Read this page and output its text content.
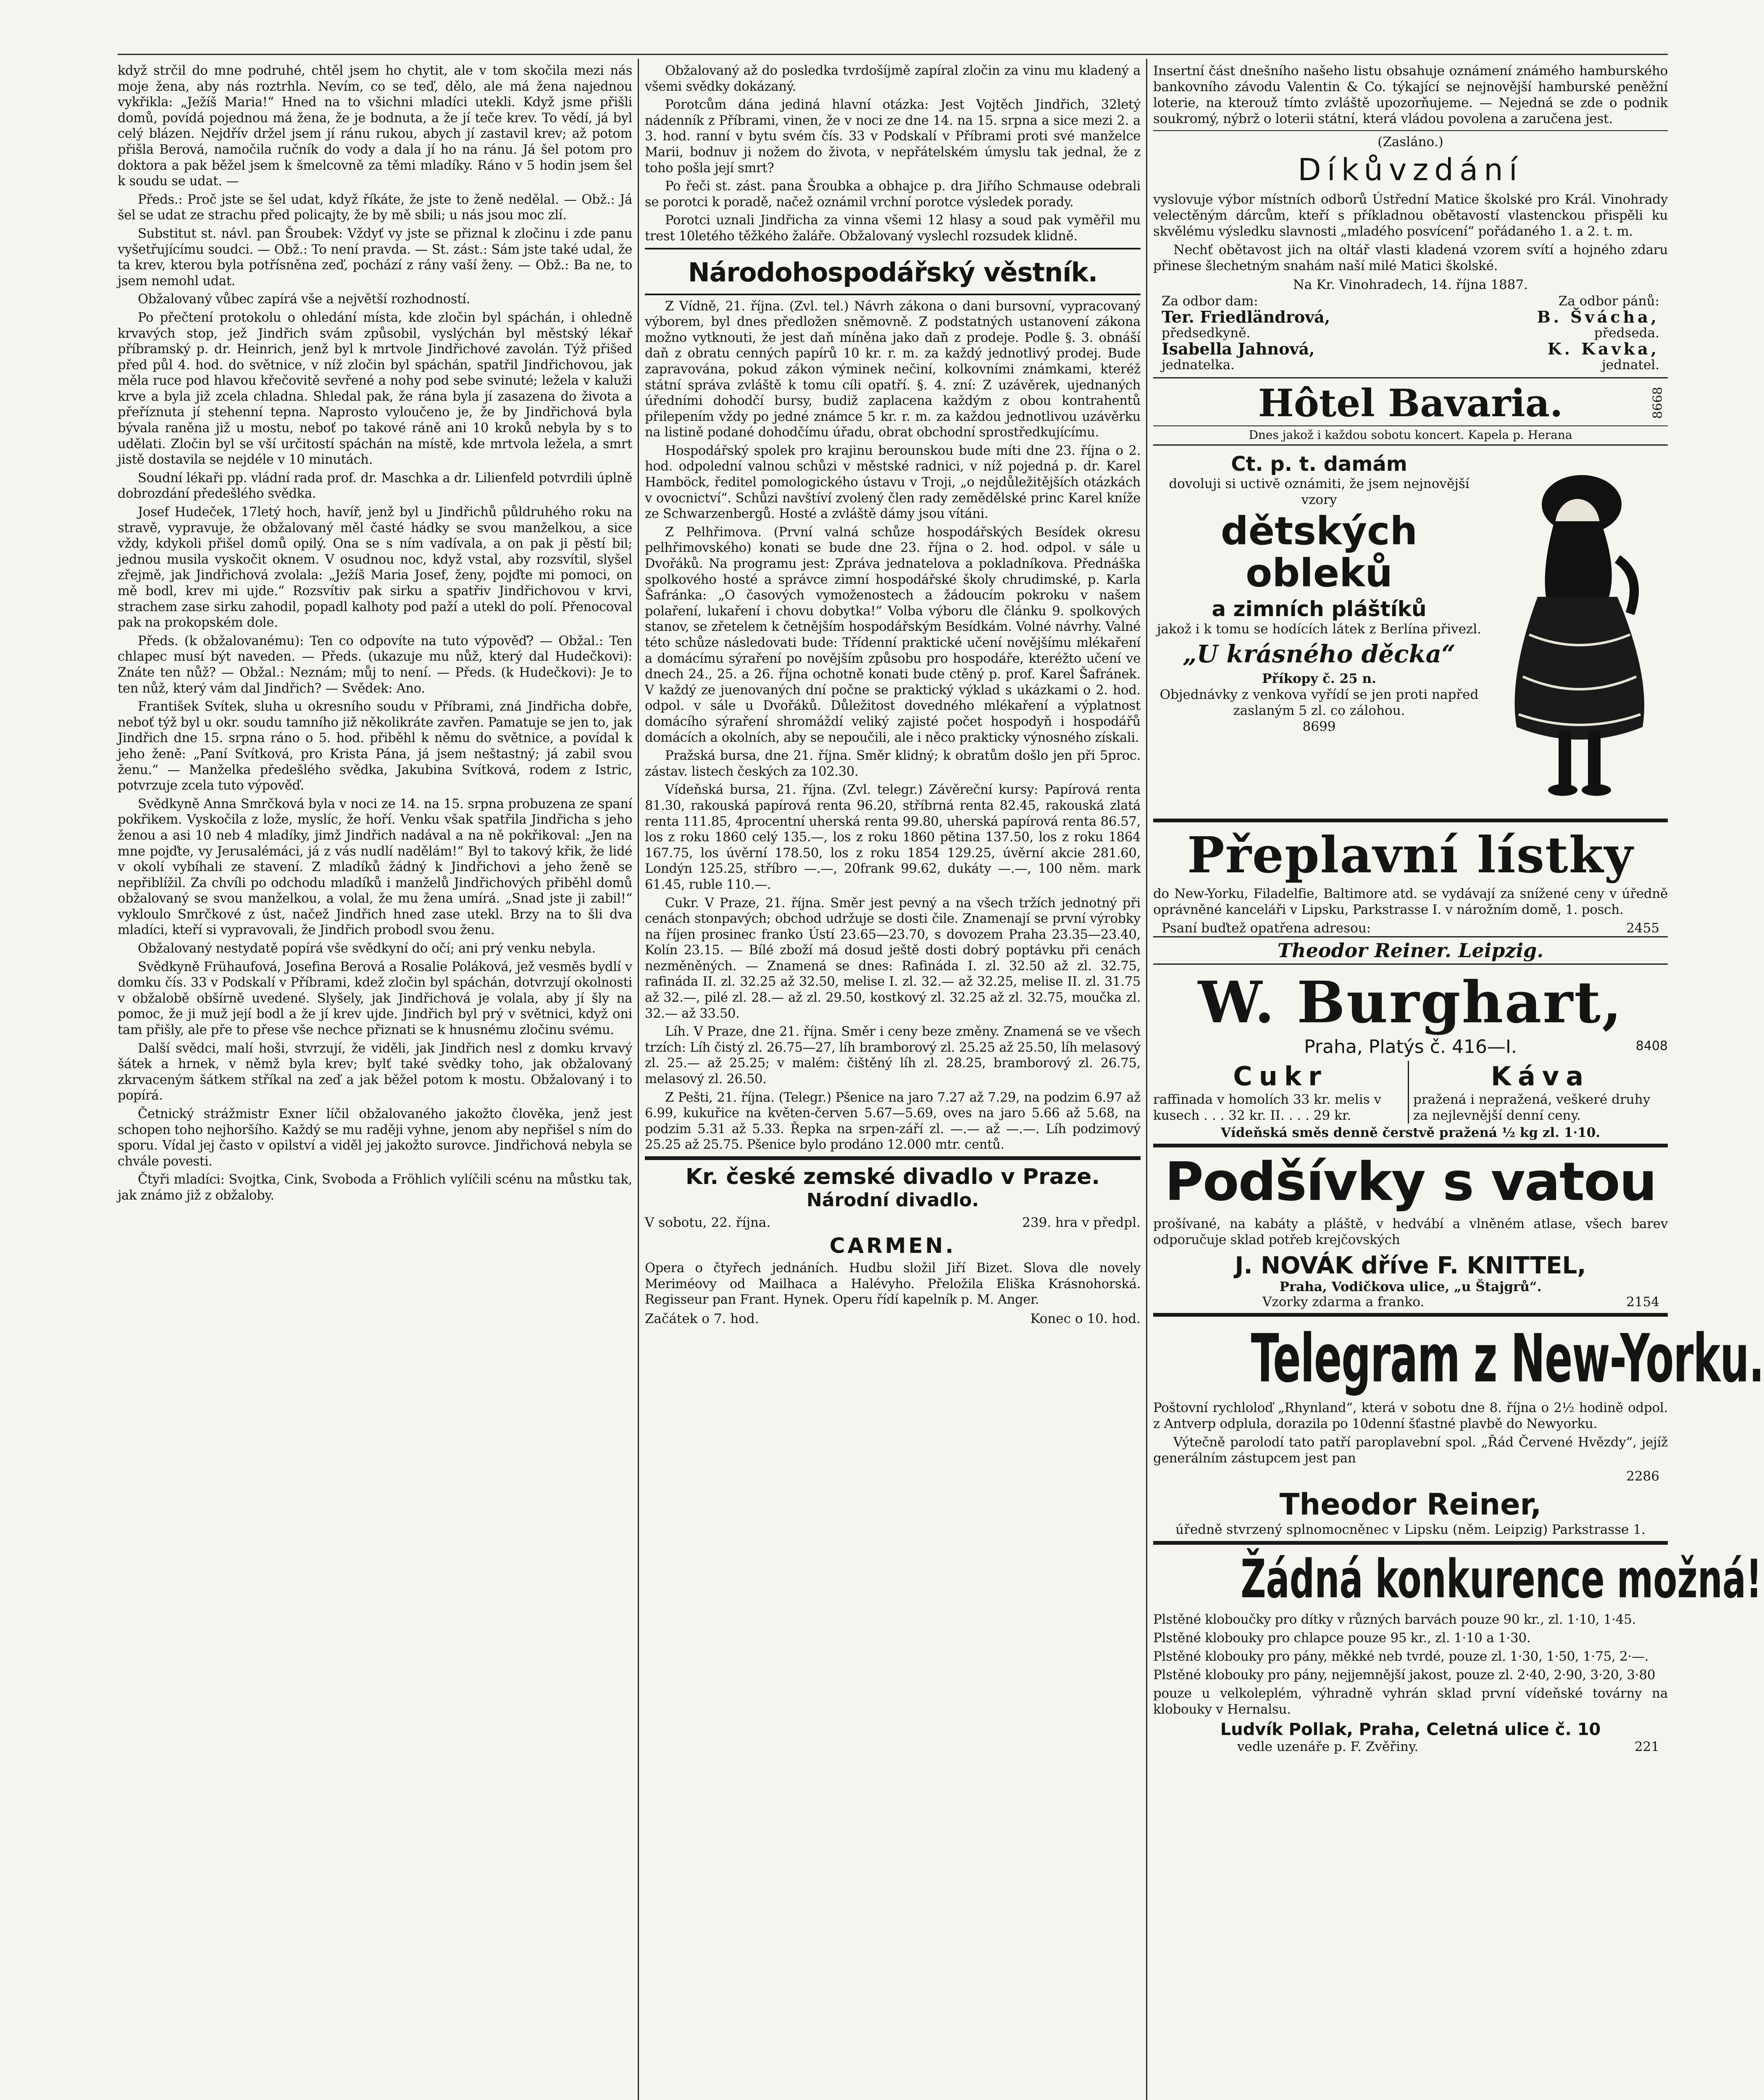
když strčil do mne podruhé, chtěl jsem ho chytit, ale v tom skočila mezi nás moje žena, aby nás roztrhla. Nevím, co se teď, dělo, ale má žena najednou vykřikla: „Ježíš Maria!“ Hned na to všichni mladíci utekli. Když jsme přišli domů, povídá pojednou má žena, že je bodnuta, a že jí teče krev. To vědí, já byl celý blázen. Nejdřív držel jsem jí ránu rukou, abych jí zastavil krev; až potom přišla Berová, namočila ručník do vody a dala jí ho na ránu. Já šel potom pro doktora a pak běžel jsem k šmelcovně za těmi mladíky. Ráno v 5 hodin jsem šel k soudu se udat. —

Předs.: Proč jste se šel udat, když říkáte, že jste to ženě nedělal. — Obž.: Já šel se udat ze strachu před policajty, že by mě sbili; u nás jsou moc zlí.

Substitut st. návl. pan Šroubek: Vždyť vy jste se přiznal k zločinu i zde panu vyšetřujícímu soudci. — Obž.: To není pravda. — St. zást.: Sám jste také udal, že ta krev, kterou byla potřísněna zeď, pochází z rány vaší ženy. — Obž.: Ba ne, to jsem nemohl udat.

Obžalovaný vůbec zapírá vše a největší rozhodností.

Po přečtení protokolu o ohledání místa, kde zločin byl spáchán, i ohledně krvavých stop, jež Jindřich svám způsobil, vyslýchán byl městský lékař příbramský p. dr. Heinrich, jenž byl k mrtvole Jindřichové zavolán. Týž přišed před půl 4. hod. do světnice, v níž zločin byl spáchán, spatřil Jindřichovou, jak měla ruce pod hlavou křečovitě sevřené a nohy pod sebe svinuté; ležela v kaluži krve a byla již zcela chladna. Shledal pak, že rána byla jí zasazena do života a přeříznuta jí stehenní tepna. Naprosto vyloučeno je, že by Jindřichová byla bývala raněna již u mostu, neboť po takové ráně ani 10 kroků nebyla by s to udělati. Zločin byl se vší určitostí spáchán na místě, kde mrtvola ležela, a smrt jistě dostavila se nejdéle v 10 minutách.

Soudní lékaři pp. vládní rada prof. dr. Maschka a dr. Lilienfeld potvrdili úplně dobrozdání předešlého svědka.

Josef Hudeček, 17letý hoch, havíř, jenž byl u Jindřichů půldruhého roku na stravě, vypravuje, že obžalovaný měl časté hádky se svou manželkou, a sice vždy, kdykoli přišel domů opilý. Ona se s ním vadívala, a on pak ji pěstí bil; jednou musila vyskočit oknem. V osudnou noc, když vstal, aby rozsvítil, slyšel zřejmě, jak Jindřichová zvolala: „Ježíš Maria Josef, ženy, pojďte mi pomoci, on mě bodl, krev mi ujde.“ Rozsvítiv pak sirku a spatřiv Jindřichovou v krvi, strachem zase sirku zahodil, popadl kalhoty pod paží a utekl do polí. Přenocoval pak na prokopském dole.

Předs. (k obžalovanému): Ten co odpovíte na tuto výpověď? — Obžal.: Ten chlapec musí být naveden. — Předs. (ukazuje mu nůž, který dal Hudečkovi): Znáte ten nůž? — Obžal.: Neznám; můj to není. — Předs. (k Hudečkovi): Je to ten nůž, který vám dal Jindřich? — Svědek: Ano.

František Svítek, sluha u okresního soudu v Příbrami, zná Jindřicha dobře, neboť týž byl u okr. soudu tamního již několikráte zavřen. Pamatuje se jen to, jak Jindřich dne 15. srpna ráno o 5. hod. přiběhl k němu do světnice, a povídal k jeho ženě: „Paní Svítková, pro Krista Pána, já jsem neštastný; já zabil svou ženu.“ — Manželka předešlého svědka, Jakubina Svítková, rodem z Istric, potvrzuje zcela tuto výpověď.

Svědkyně Anna Smrčková byla v noci ze 14. na 15. srpna probuzena ze spaní pokřikem. Vyskočila z lože, myslíc, že hoří. Venku však spatřila Jindřicha s jeho ženou a asi 10 neb 4 mladíky, jimž Jindřich nadával a na ně pokřikoval: „Jen na mne pojďte, vy Jerusalémáci, já z vás nudlí nadělám!“ Byl to takový křik, že lidé v okolí vybíhali ze stavení. Z mladíků žádný k Jindřichovi a jeho ženě se nepřiblížil. Za chvíli po odchodu mladíků i manželů Jindřichových přiběhl domů obžalovaný se svou manželkou, a volal, že mu žena umírá. „Snad jste ji zabil!“ vykloulo Smrčkové z úst, načež Jindřich hned zase utekl. Brzy na to šli dva mladíci, kteří si vypravovali, že Jindřich probodl svou ženu.

Obžalovaný nestydatě popírá vše svědkyní do očí; ani prý venku nebyla.

Svědkyně Frühaufová, Josefina Berová a Rosalie Poláková, jež vesměs bydlí v domku čís. 33 v Podskalí v Příbrami, kdež zločin byl spáchán, dotvrzují okolnosti v obžalobě obšírně uvedené. Slyšely, jak Jindřichová je volala, aby jí šly na pomoc, že ji muž její bodl a že jí krev ujde. Jindřich byl prý v světnici, když oni tam přišly, ale pře to přese vše nechce přiznati se k hnusnému zločinu svému.

Další svědci, malí hoši, stvrzují, že viděli, jak Jindřich nesl z domku krvavý šátek a hrnek, v němž byla krev; bylť také svědky toho, jak obžalovaný zkrvaceným šátkem stříkal na zeď a jak běžel potom k mostu. Obžalovaný i to popírá.

Četnický strážmistr Exner líčil obžalovaného jakožto člověka, jenž jest schopen toho nejhoršího. Každý se mu raději vyhne, jenom aby nepřišel s ním do sporu. Vídal jej často v opilství a viděl jej jakožto surovce. Jindřichová nebyla se chvále povesti.

Čtyři mladíci: Svojtka, Cink, Svoboda a Fröhlich vylíčili scénu na můstku tak, jak známo již z obžaloby.

Obžalovaný až do posledka tvrdošíjmě zapíral zločin za vinu mu kladený a všemi svědky dokázaný.

Porotcům dána jediná hlavní otázka: Jest Vojtěch Jindřich, 32letý nádenník z Příbrami, vinen, že v noci ze dne 14. na 15. srpna a sice mezi 2. a 3. hod. ranní v bytu svém čís. 33 v Podskalí v Příbrami proti své manželce Marii, bodnuv ji nožem do života, v nepřátelském úmyslu tak jednal, že z toho pošla její smrt?

Po řeči st. zást. pana Šroubka a obhajce p. dra Jiřího Schmause odebrali se porotci k poradě, načež oznámil vrchní porotce výsledek porady.

Porotci uznali Jindřicha za vinna všemi 12 hlasy a soud pak vyměřil mu trest 10letého těžkého žaláře. Obžalovaný vyslechl rozsudek klidně.

Národohospodářský věstník.

Z Vídně, 21. října. (Zvl. tel.) Návrh zákona o dani bursovní, vypracovaný výborem, byl dnes předložen sněmovně. Z podstatných ustanovení zákona možno vytknouti, že jest daň míněna jako daň z prodeje. Podle §. 3. obnáší daň z obratu cenných papírů 10 kr. r. m. za každý jednotlivý prodej. Bude zapravována, pokud zákon výminek nečiní, kolkovními známkami, kteréž státní správa zvláště k tomu cíli opatří. §. 4. zní: Z uzávěrek, ujednaných úředními dohodčí bursy, budiž zaplacena každým z obou kontrahentů přilepením vždy po jedné známce 5 kr. r. m. za každou jednotlivou uzávěrku na listině podané dohodčímu úřadu, obrat obchodní sprostředkujícímu.

Hospodářský spolek pro krajinu berounskou bude míti dne 23. října o 2. hod. odpolední valnou schůzi v městské radnici, v níž pojedná p. dr. Karel Hamböck, ředitel pomologického ústavu v Troji, „o nejdůležitějších otázkách v ovocnictví“. Schůzi navštíví zvolený člen rady zemědělské princ Karel kníže ze Schwarzenbergů. Hosté a zvláště dámy jsou vítáni.

Z Pelhřimova. (První valná schůze hospodářských Besídek okresu pelhřimovského) konati se bude dne 23. října o 2. hod. odpol. v sále u Dvořáků. Na programu jest: Zpráva jednatelova a pokladníkova. Přednáška spolkového hosté a správce zimní hospodářské školy chrudimské, p. Karla Šafránka: „O časových vymoženostech a žádoucím pokroku v našem polaření, lukaření i chovu dobytka!“ Volba výboru dle článku 9. spolkových stanov, se zřetelem k četnějším hospodářským Besídkám. Volné návrhy. Valné této schůze následovati bude: Třídenní praktické učení novějšímu mlékaření a domácímu sýraření po novějším způsobu pro hospodáře, kteréžto učení ve dnech 24., 25. a 26. října ochotně konati bude ctěný p. prof. Karel Šafránek. V každý ze juenovaných dní počne se praktický výklad s ukázkami o 2. hod. odpol. v sále u Dvořáků. Důležitost dovedného mlékaření a výplatnost domácího sýraření shromáždí veliký zajisté počet hospodyň i hospodářů domácích a okolních, aby se nepoučili, ale i něco prakticky výnosného získali.

Pražská bursa, dne 21. října. Směr klidný; k obratům došlo jen při 5proc. zástav. listech českých za 102.30.

Vídeňská bursa, 21. října. (Zvl. telegr.) Závěreční kursy: Papírová renta 81.30, rakouská papírová renta 96.20, stříbrná renta 82.45, rakouská zlatá renta 111.85, 4procentní uherská renta 99.80, uherská papírová renta 86.57, los z roku 1860 celý 135.—, los z roku 1860 pětina 137.50, los z roku 1864 167.75, los úvěrní 178.50, los z roku 1854 129.25, úvěrní akcie 281.60, Londýn 125.25, stříbro —.—, 20frank 99.62, dukáty —.—, 100 něm. mark 61.45, ruble 110.—.

Cukr. V Praze, 21. října. Směr jest pevný a na všech tržích jednotný při cenách stonpavých; obchod udržuje se dosti čile. Znamenají se první výrobky na říjen prosinec franko Ústí 23.65—23.70, s dovozem Praha 23.35—23.40, Kolín 23.15. — Bílé zboží má dosud ještě dosti dobrý poptávku při cenách nezměněných. — Znamená se dnes: Rafináda I. zl. 32.50 až zl. 32.75, rafináda II. zl. 32.25 až 32.50, melise I. zl. 32.— až 32.25, melise II. zl. 31.75 až 32.—, pilé zl. 28.— až zl. 29.50, kostkový zl. 32.25 až zl. 32.75, moučka zl. 32.— až 33.50.

Líh. V Praze, dne 21. října. Směr i ceny beze změny. Znamená se ve všech trzích: Líh čistý zl. 26.75—27, líh bramborový zl. 25.25 až 25.50, líh melasový zl. 25.— až 25.25; v malém: čištěný líh zl. 28.25, bramborový zl. 26.75, melasový zl. 26.50.

Z Pešti, 21. října. (Telegr.) Pšenice na jaro 7.27 až 7.29, na podzim 6.97 až 6.99, kukuřice na květen-červen 5.67—5.69, oves na jaro 5.66 až 5.68, na podzim 5.31 až 5.33. Řepka na srpen-září zl. —.— až —.—. Líh podzimový 25.25 až 25.75. Pšenice bylo prodáno 12.000 mtr. centů.

Kr. české zemské divadlo v Praze.
Národní divadlo.
V sobotu, 22. října.	239. hra v předpl.
CARMEN.

Opera o čtyřech jednáních. Hudbu složil Jiří Bizet. Slova dle novely Meriméovy od Mailhaca a Halévyho. Přeložila Eliška Krásnohorská. Regisseur pan Frant. Hynek. Operu řídí kapelník p. M. Anger.

Začátek o 7. hod.	Konec o 10. hod.

Insertní část dnešního našeho listu obsahuje oznámení známého hamburského bankovního závodu Valentin & Co. týkající se nejnovější hamburské peněžní loterie, na kterouž tímto zvláště upozorňujeme. — Nejedná se zde o podnik soukromý, nýbrž o loterii státní, která vládou povolena a zaručena jest.

(Zasláno.)
Díkůvzdání

vyslovuje výbor místních odborů Ústřední Matice školské pro Král. Vinohrady velectěným dárcům, kteří s příkladnou obětavostí vlastenckou přispěli ku skvělému výsledku slavnosti „mladého posvícení“ pořádaného 1. a 2. t. m.

Nechť obětavost jich na oltář vlasti kladená vzorem svítí a hojného zdaru přinese šlechetným snahám naší milé Matici školské.

Na Kr. Vinohradech, 14. října 1887.
Za odbor dam:	Za odbor pánů:
Ter. Friedländrová,	B. Švácha,
předsedkyně.	předseda.
Isabella Jahnová,	K. Kavka,
jednatelka.	jednatel.
Hôtel Bavaria.	8668
Dnes jakož i každou sobotu koncert. Kapela p. Herana
Ct. p. t. damám
dovoluji si uctivě oznámiti, že jsem nejnovější vzory
dětských obleků
a zimních pláštíků
jakož i k tomu se hodících látek z Berlína přivezl.
„U krásného děcka“
Příkopy č. 25 n.
Objednávky z venkova vyřídí se jen proti napřed zaslaným 5 zl. co zálohou.
8699
Přeplavní lístky

do New-Yorku, Filadelfie, Baltimore atd. se vydávají za snížené ceny v úředně oprávněné kanceláři v Lipsku, Parkstrasse I. v nárožním domě, 1. posch.

Psaní buďtež opatřena adresou:	2455
Theodor Reiner. Leipzig.
W. Burghart,
Praha, Platýs č. 416—I.	8408
Cukr
raffinada v homolích 33 kr. melis v kusech . . . 32 kr. II. . . . 29 kr.
Káva
pražená i nepražená, veškeré druhy za nejlevnější denní ceny.
Vídeňská směs denně čerstvě pražená ½ kg zl. 1·10.
Podšívky s vatou

prošívané, na kabáty a pláště, v hedvábí a vlněném atlase, všech barev odporučuje sklad potřeb krejčovských

J. NOVÁK dříve F. KNITTEL,
Praha, Vodičkova ulice, „u Štajgrů“.
Vzorky zdarma a franko.	2154
Telegram z New-Yorku.

Poštovní rychloloď „Rhynland“, která v sobotu dne 8. října o 2½ hodině odpol. z Antverp odplula, dorazila po 10denní šťastné plavbě do Newyorku.

Výtečně parolodí tato patří paroplavební spol. „Řád Červené Hvězdy“, jejíž generálním zástupcem jest pan

2286
Theodor Reiner,
úředně stvrzený splnomocněnec v Lipsku (něm. Leipzig) Parkstrasse 1.
Žádná konkurence možná!

Plstěné kloboučky pro dítky v různých barvách pouze 90 kr., zl. 1·10, 1·45.

Plstěné klobouky pro chlapce pouze 95 kr., zl. 1·10 a 1·30.

Plstěné klobouky pro pány, měkké neb tvrdé, pouze zl. 1·30, 1·50, 1·75, 2·—.

Plstěné klobouky pro pány, nejjemnější jakost, pouze zl. 2·40, 2·90, 3·20, 3·80

pouze u velkoleplém, výhradně vyhrán sklad první vídeňské továrny na klobouky v Hernalsu.

Ludvík Pollak, Praha, Celetná ulice č. 10
vedle uzenáře p. F. Zvěřiny.	221
